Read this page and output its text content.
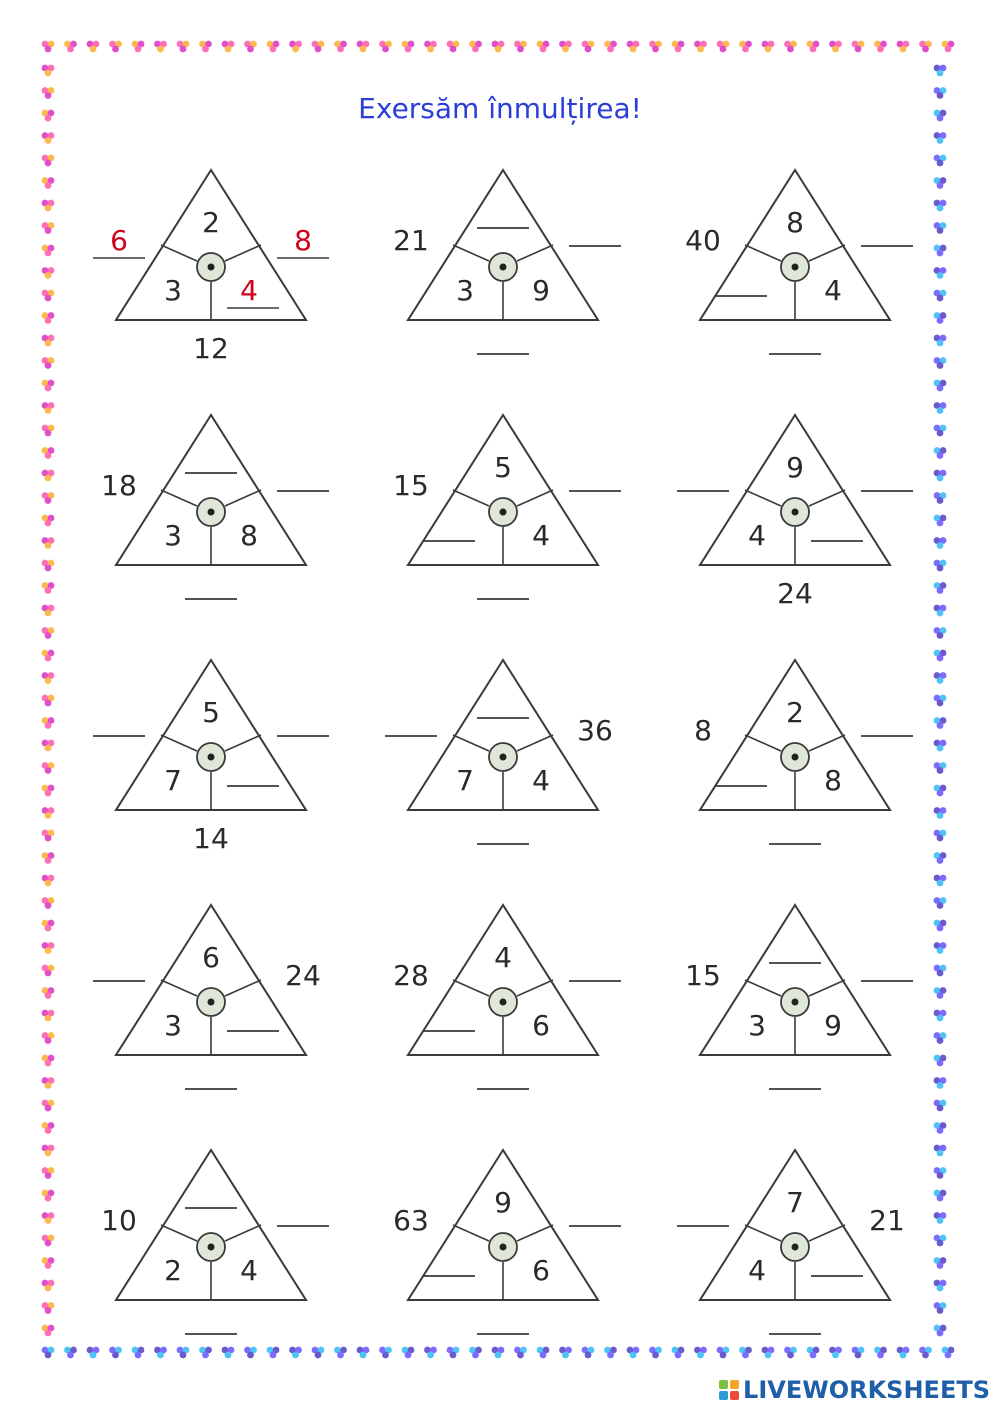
Exersăm înmulțirea!
2
3 4
6	8
12
3 9
21
8
4
40
3 8
18
5
4
15
9
4
24
5
7
14
7 4
36
2
8
8
6
3
24
4
6
28
3 9
15
2 4
10
9
6
63
7
4
21
LIVEWORKSHEETS
